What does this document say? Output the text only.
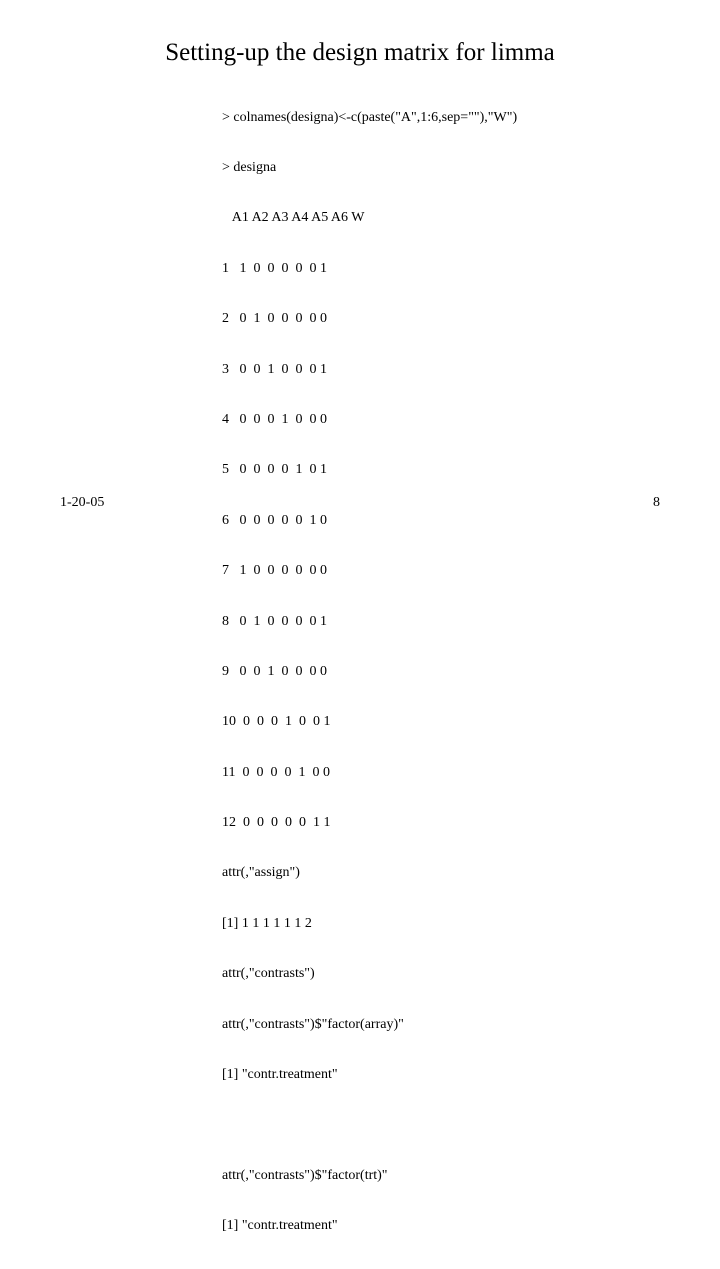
Setting-up the design matrix for limma

> colnames(designa)<-c(paste("A",1:6,sep=""),"W")

> designa

A1 A2 A3 A4 A5 A6 W

1   1  0  0  0  0  0 1

2   0  1  0  0  0  0 0

3   0  0  1  0  0  0 1

4   0  0  0  1  0  0 0

5   0  0  0  0  1  0 1

6   0  0  0  0  0  1 0

7   1  0  0  0  0  0 0

8   0  1  0  0  0  0 1

9   0  0  1  0  0  0 0

10  0  0  0  1  0  0 1

11  0  0  0  0  1  0 0

12  0  0  0  0  0  1 1

attr(,"assign")

[1] 1 1 1 1 1 1 2

attr(,"contrasts")

attr(,"contrasts")$"factor(array)"

[1] "contr.treatment"

attr(,"contrasts")$"factor(trt)"

[1] "contr.treatment"

1-20-05	8
